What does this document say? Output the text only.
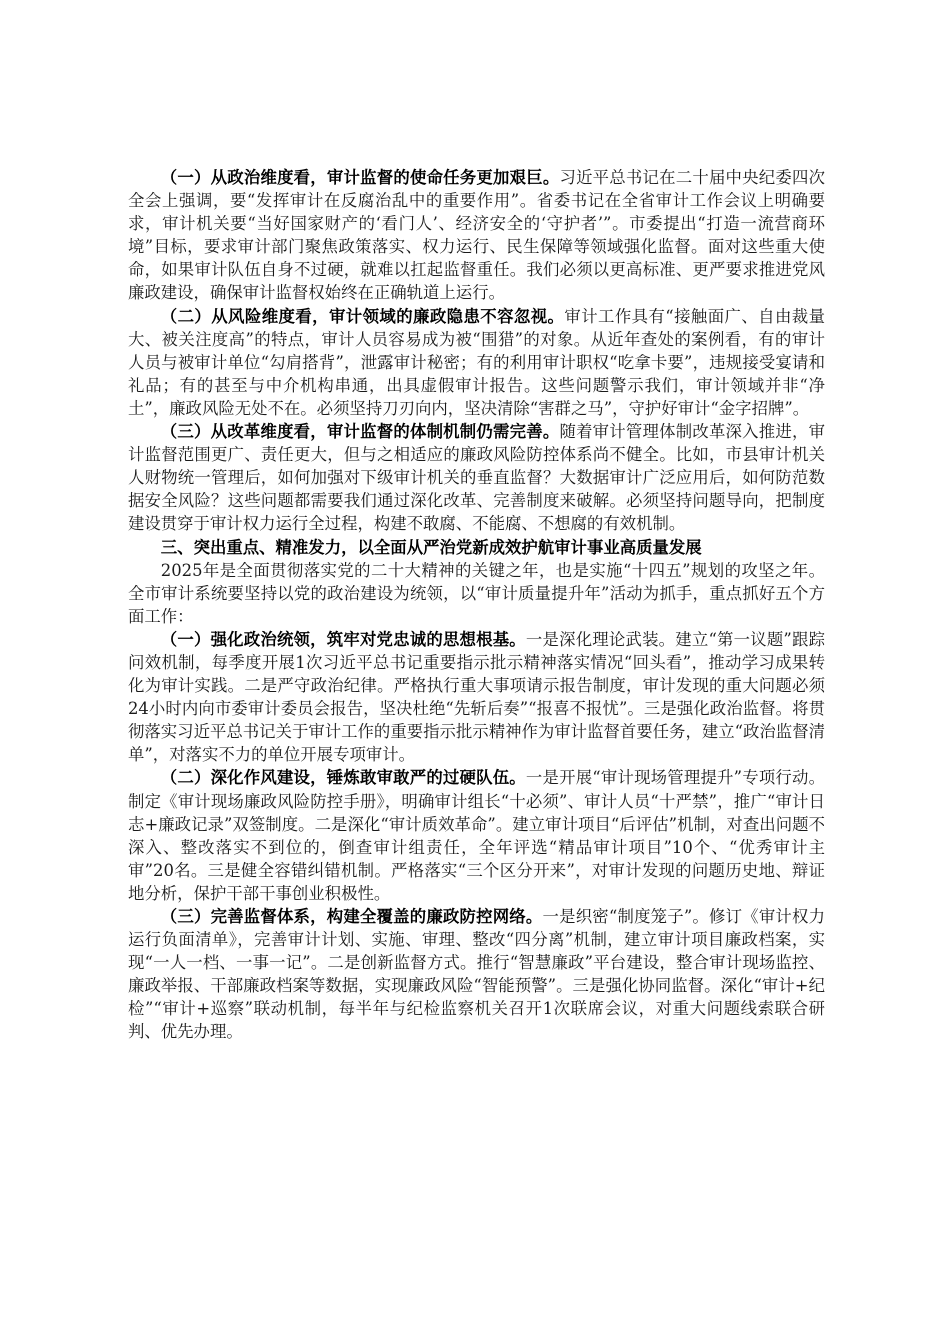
（一）从政治维度看，审计监督的使命任务更加艰巨。习近平总书记在二十届中央纪委四次全会上强调，要“发挥审计在反腐治乱中的重要作用”。省委书记在全省审计工作会议上明确要求，审计机关要“当好国家财产的‘看门人’、经济安全的‘守护者’”。市委提出“打造一流营商环境”目标，要求审计部门聚焦政策落实、权力运行、民生保障等领域强化监督。面对这些重大使命，如果审计队伍自身不过硬，就难以扛起监督重任。我们必须以更高标准、更严要求推进党风廉政建设，确保审计监督权始终在正确轨道上运行。

（二）从风险维度看，审计领域的廉政隐患不容忽视。审计工作具有“接触面广、自由裁量大、被关注度高”的特点，审计人员容易成为被“围猎”的对象。从近年查处的案例看，有的审计人员与被审计单位“勾肩搭背”，泄露审计秘密；有的利用审计职权“吃拿卡要”，违规接受宴请和礼品；有的甚至与中介机构串通，出具虚假审计报告。这些问题警示我们，审计领域并非“净土”，廉政风险无处不在。必须坚持刀刃向内，坚决清除“害群之马”，守护好审计“金字招牌”。

（三）从改革维度看，审计监督的体制机制仍需完善。随着审计管理体制改革深入推进，审计监督范围更广、责任更大，但与之相适应的廉政风险防控体系尚不健全。比如，市县审计机关人财物统一管理后，如何加强对下级审计机关的垂直监督？大数据审计广泛应用后，如何防范数据安全风险？这些问题都需要我们通过深化改革、完善制度来破解。必须坚持问题导向，把制度建设贯穿于审计权力运行全过程，构建不敢腐、不能腐、不想腐的有效机制。

三、突出重点、精准发力，以全面从严治党新成效护航审计事业高质量发展

2025年是全面贯彻落实党的二十大精神的关键之年，也是实施“十四五”规划的攻坚之年。全市审计系统要坚持以党的政治建设为统领，以“审计质量提升年”活动为抓手，重点抓好五个方面工作：

（一）强化政治统领，筑牢对党忠诚的思想根基。一是深化理论武装。建立“第一议题”跟踪问效机制，每季度开展1次习近平总书记重要指示批示精神落实情况“回头看”，推动学习成果转化为审计实践。二是严守政治纪律。严格执行重大事项请示报告制度，审计发现的重大问题必须24小时内向市委审计委员会报告，坚决杜绝“先斩后奏”“报喜不报忧”。三是强化政治监督。将贯彻落实习近平总书记关于审计工作的重要指示批示精神作为审计监督首要任务，建立“政治监督清单”，对落实不力的单位开展专项审计。

（二）深化作风建设，锤炼敢审敢严的过硬队伍。一是开展“审计现场管理提升”专项行动。制定《审计现场廉政风险防控手册》，明确审计组长“十必须”、审计人员“十严禁”，推广“审计日志+廉政记录”双签制度。二是深化“审计质效革命”。建立审计项目“后评估”机制，对查出问题不深入、整改落实不到位的，倒查审计组责任，全年评选“精品审计项目”10个、“优秀审计主审”20名。三是健全容错纠错机制。严格落实“三个区分开来”，对审计发现的问题历史地、辩证地分析，保护干部干事创业积极性。

（三）完善监督体系，构建全覆盖的廉政防控网络。一是织密“制度笼子”。修订《审计权力运行负面清单》，完善审计计划、实施、审理、整改“四分离”机制，建立审计项目廉政档案，实现“一人一档、一事一记”。二是创新监督方式。推行“智慧廉政”平台建设，整合审计现场监控、廉政举报、干部廉政档案等数据，实现廉政风险“智能预警”。三是强化协同监督。深化“审计+纪检”“审计+巡察”联动机制，每半年与纪检监察机关召开1次联席会议，对重大问题线索联合研判、优先办理。
